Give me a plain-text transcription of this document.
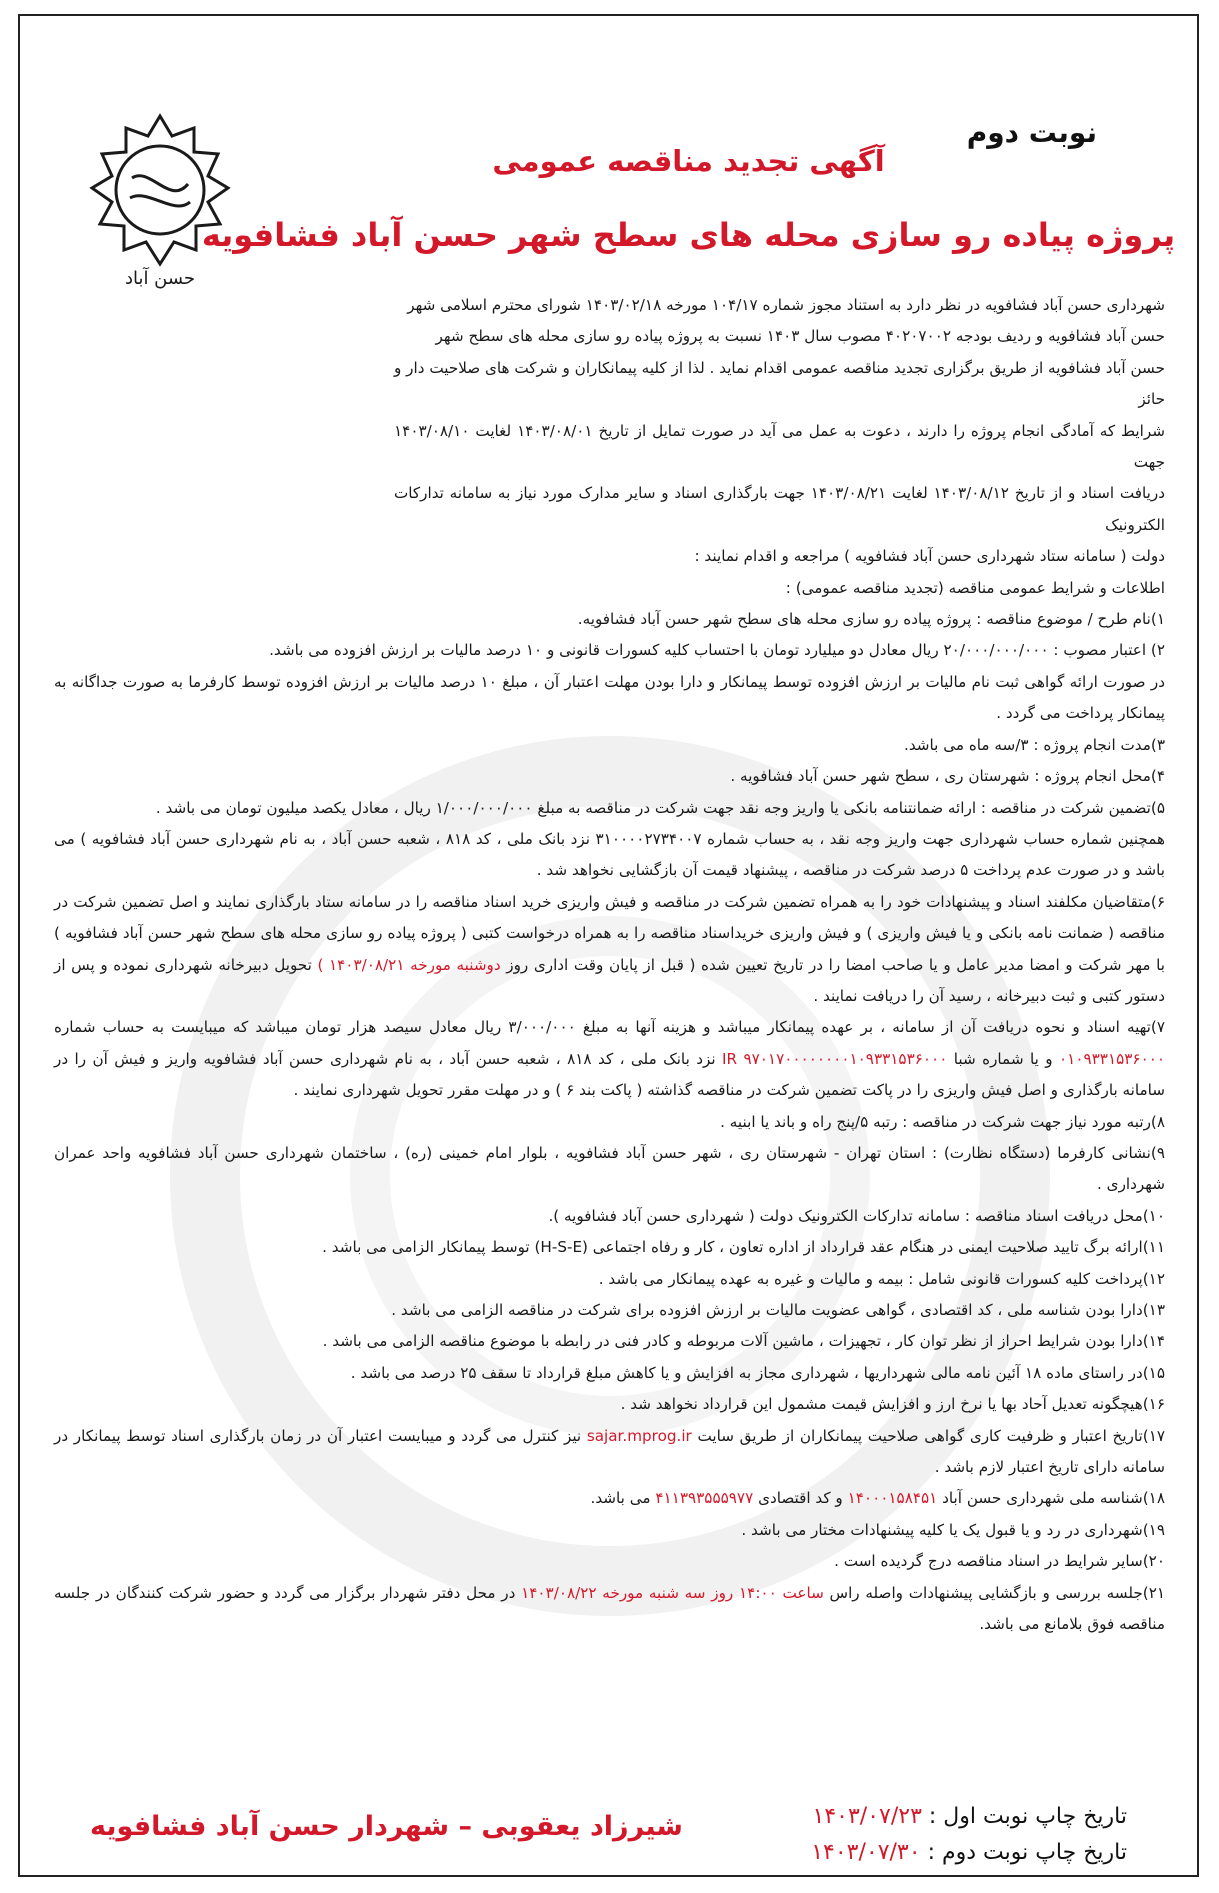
حسن آباد
نوبت دوم
آگهی تجدید مناقصه عمومی
پروژه پیاده رو سازی محله های سطح شهر حسن آباد فشافویه

شهرداری حسن آباد فشافویه در نظر دارد به استناد مجوز شماره ۱۰۴/۱۷ مورخه ۱۴۰۳/۰۲/۱۸ شورای محترم اسلامی شهر

حسن آباد فشافویه و ردیف بودجه ۴۰۲۰۷۰۰۲ مصوب سال ۱۴۰۳ نسبت به پروژه پیاده رو سازی محله های سطح شهر

حسن آباد فشافویه از طریق برگزاری تجدید مناقصه عمومی اقدام نماید . لذا از کلیه پیمانکاران و شرکت های صلاحیت دار و حائز

شرایط که آمادگی انجام پروژه را دارند ، دعوت به عمل می آید در صورت تمایل از تاریخ ۱۴۰۳/۰۸/۰۱ لغایت ۱۴۰۳/۰۸/۱۰ جهت

دریافت اسناد و از تاریخ ۱۴۰۳/۰۸/۱۲ لغایت ۱۴۰۳/۰۸/۲۱ جهت بارگذاری اسناد و سایر مدارک مورد نیاز به سامانه تدارکات الکترونیک

دولت ( سامانه ستاد شهرداری حسن آباد فشافویه ) مراجعه و اقدام نمایند :

اطلاعات و شرایط عمومی مناقصه (تجدید مناقصه عمومی) :

۱)نام طرح / موضوع مناقصه : پروژه پیاده رو سازی محله های سطح شهر حسن آباد فشافویه.

۲) اعتبار مصوب : ۲۰/۰۰۰/۰۰۰/۰۰۰ ریال معادل دو میلیارد تومان با احتساب کلیه کسورات قانونی و ۱۰ درصد مالیات بر ارزش افزوده می باشد.

در صورت ارائه گواهی ثبت نام مالیات بر ارزش افزوده توسط پیمانکار و دارا بودن مهلت اعتبار آن ، مبلغ ۱۰ درصد مالیات بر ارزش افزوده توسط کارفرما به صورت جداگانه به پیمانکار پرداخت می گردد .

۳)مدت انجام پروژه : ۳/سه ماه می باشد.

۴)محل انجام پروژه : شهرستان ری ، سطح شهر حسن آباد فشافویه .

۵)تضمین شرکت در مناقصه : ارائه ضمانتنامه بانکی یا واریز وجه نقد جهت شرکت در مناقصه به مبلغ ۱/۰۰۰/۰۰۰/۰۰۰ ریال ، معادل یکصد میلیون تومان می باشد .

همچنین شماره حساب شهرداری جهت واریز وجه نقد ، به حساب شماره ۳۱۰۰۰۰۲۷۳۴۰۰۷ نزد بانک ملی ، کد ۸۱۸ ، شعبه حسن آباد ، به نام شهرداری حسن آباد فشافویه ) می باشد و در صورت عدم پرداخت ۵ درصد شرکت در مناقصه ، پیشنهاد قیمت آن بازگشایی نخواهد شد .

۶)متقاضیان مکلفند اسناد و پیشنهادات خود را به همراه تضمین شرکت در مناقصه و فیش واریزی خرید اسناد مناقصه را در سامانه ستاد بارگذاری نمایند و اصل تضمین شرکت در مناقصه ( ضمانت نامه بانکی و یا فیش واریزی ) و فیش واریزی خریداسناد مناقصه را به همراه درخواست کتبی ( پروژه پیاده رو سازی محله های سطح شهر حسن آباد فشافویه ) با مهر شرکت و امضا مدیر عامل و یا صاحب امضا را در تاریخ تعیین شده ( قبل از پایان وقت اداری روز دوشنبه مورخه ۱۴۰۳/۰۸/۲۱ ) تحویل دبیرخانه شهرداری نموده و پس از دستور کتبی و ثبت دبیرخانه ، رسید آن را دریافت نمایند .

۷)تهیه اسناد و نحوه دریافت آن از سامانه ، بر عهده پیمانکار میباشد و هزینه آنها به مبلغ ۳/۰۰۰/۰۰۰ ریال معادل سیصد هزار تومان میباشد که میبایست به حساب شماره ۰۱۰۹۳۳۱۵۳۶۰۰۰ و یا شماره شبا IR ۹۷۰۱۷۰۰۰۰۰۰۰۰۱۰۹۳۳۱۵۳۶۰۰۰ نزد بانک ملی ، کد ۸۱۸ ، شعبه حسن آباد ، به نام شهرداری حسن آباد فشافویه واریز و فیش آن را در سامانه بارگذاری و اصل فیش واریزی را در پاکت تضمین شرکت در مناقصه گذاشته ( پاکت بند ۶ ) و در مهلت مقرر تحویل شهرداری نمایند .

۸)رتبه مورد نیاز جهت شرکت در مناقصه : رتبه ۵/پنج راه و باند یا ابنیه .

۹)نشانی کارفرما (دستگاه نظارت) : استان تهران - شهرستان ری ، شهر حسن آباد فشافویه ، بلوار امام خمینی (ره) ، ساختمان شهرداری حسن آباد فشافویه واحد عمران شهرداری .

۱۰)محل دریافت اسناد مناقصه : سامانه تدارکات الکترونیک دولت ( شهرداری حسن آباد فشافویه ).

۱۱)ارائه برگ تایید صلاحیت ایمنی در هنگام عقد قرارداد از اداره تعاون ، کار و رفاه اجتماعی (H-S-E) توسط پیمانکار الزامی می باشد .

۱۲)پرداخت کلیه کسورات قانونی شامل : بیمه و مالیات و غیره به عهده پیمانکار می باشد .

۱۳)دارا بودن شناسه ملی ، کد اقتصادی ، گواهی عضویت مالیات بر ارزش افزوده برای شرکت در مناقصه الزامی می باشد .

۱۴)دارا بودن شرایط احراز از نظر توان کار ، تجهیزات ، ماشین آلات مربوطه و کادر فنی در رابطه با موضوع مناقصه الزامی می باشد .

۱۵)در راستای ماده ۱۸ آئین نامه مالی شهرداریها ، شهرداری مجاز به افزایش و یا کاهش مبلغ قرارداد تا سقف ۲۵ درصد می باشد .

۱۶)هیچگونه تعدیل آحاد بها یا نرخ ارز و افزایش قیمت مشمول این قرارداد نخواهد شد .

۱۷)تاریخ اعتبار و ظرفیت کاری گواهی صلاحیت پیمانکاران از طریق سایت sajar.mprog.ir نیز کنترل می گردد و میبایست اعتبار آن در زمان بارگذاری اسناد توسط پیمانکار در سامانه دارای تاریخ اعتبار لازم باشد .

۱۸)شناسه ملی شهرداری حسن آباد ۱۴۰۰۰۱۵۸۴۵۱ و کد اقتصادی ۴۱۱۳۹۳۵۵۵۹۷۷ می باشد.

۱۹)شهرداری در رد و یا قبول یک یا کلیه پیشنهادات مختار می باشد .

۲۰)سایر شرایط در اسناد مناقصه درج گردیده است .

۲۱)جلسه بررسی و بازگشایی پیشنهادات واصله راس ساعت ۱۴:۰۰ روز سه شنبه مورخه ۱۴۰۳/۰۸/۲۲ در محل دفتر شهردار برگزار می گردد و حضور شرکت کنندگان در جلسه مناقصه فوق بلامانع می باشد.

تاریخ چاپ نوبت اول : ۱۴۰۳/۰۷/۲۳
تاریخ چاپ نوبت دوم : ۱۴۰۳/۰۷/۳۰
شیرزاد یعقوبی – شهردار حسن آباد فشافویه
